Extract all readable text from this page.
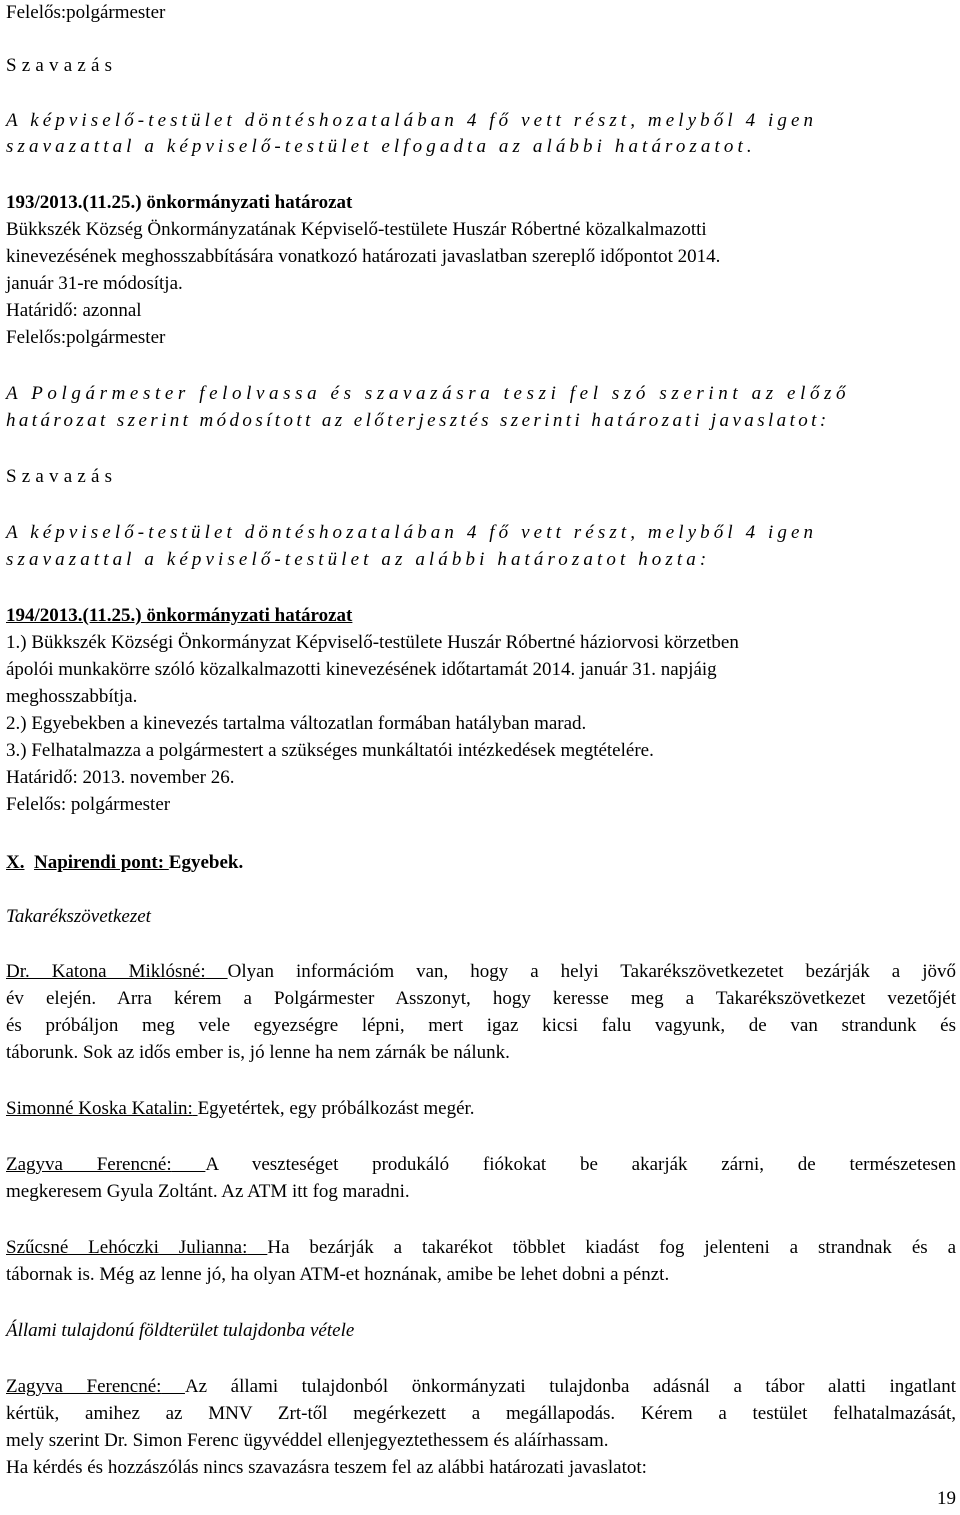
Felelős:polgármester
Szavazás
A képviselő-testület döntéshozatalában 4 fő vett részt, melyből 4 igen
szavazattal a képviselő-testület elfogadta az alábbi határozatot.
193/2013.(11.25.) önkormányzati határozat
Bükkszék Község Önkormányzatának Képviselő-testülete Huszár Róbertné közalkalmazotti
kinevezésének meghosszabbítására vonatkozó határozati javaslatban szereplő időpontot 2014.
január 31-re módosítja.
Határidő: azonnal
Felelős:polgármester
A Polgármester felolvassa és szavazásra teszi fel szó szerint az előző
határozat szerint módosított az előterjesztés szerinti határozati javaslatot:
Szavazás
A képviselő-testület döntéshozatalában 4 fő vett részt, melyből 4 igen
szavazattal a képviselő-testület az alábbi határozatot hozta:
194/2013.(11.25.) önkormányzati határozat
1.) Bükkszék Községi Önkormányzat Képviselő-testülete Huszár Róbertné háziorvosi körzetben
ápolói munkakörre szóló közalkalmazotti kinevezésének időtartamát 2014. január 31. napjáig
meghosszabbítja.
2.) Egyebekben a kinevezés tartalma változatlan formában hatályban marad.
3.) Felhatalmazza a polgármestert a szükséges munkáltatói intézkedések megtételére.
Határidő: 2013. november 26.
Felelős: polgármester
X. Napirendi pont: Egyebek.
Takarékszövetkezet
Dr. Katona Miklósné: Olyan információm van, hogy a helyi Takarékszövetkezetet bezárják a jövő
év elején. Arra kérem a Polgármester Asszonyt, hogy keresse meg a Takarékszövetkezet vezetőjét
és próbáljon meg vele egyezségre lépni, mert igaz kicsi falu vagyunk, de van strandunk és
táborunk. Sok az idős ember is, jó lenne ha nem zárnák be nálunk.
Simonné Koska Katalin: Egyetértek, egy próbálkozást megér.
Zagyva Ferencné: A veszteséget produkáló fiókokat be akarják zárni, de természetesen
megkeresem Gyula Zoltánt. Az ATM itt fog maradni.
Szűcsné Lehóczki Julianna: Ha bezárják a takarékot többlet kiadást fog jelenteni a strandnak és a
tábornak is. Még az lenne jó, ha olyan ATM-et hoznának, amibe be lehet dobni a pénzt.
Állami tulajdonú földterület tulajdonba vétele
Zagyva Ferencné: Az állami tulajdonból önkormányzati tulajdonba adásnál a tábor alatti ingatlant
kértük, amihez az MNV Zrt-től megérkezett a megállapodás. Kérem a testület felhatalmazását,
mely szerint Dr. Simon Ferenc ügyvéddel ellenjegyeztethessem és aláírhassam.
Ha kérdés és hozzászólás nincs szavazásra teszem fel az alábbi határozati javaslatot:
19
